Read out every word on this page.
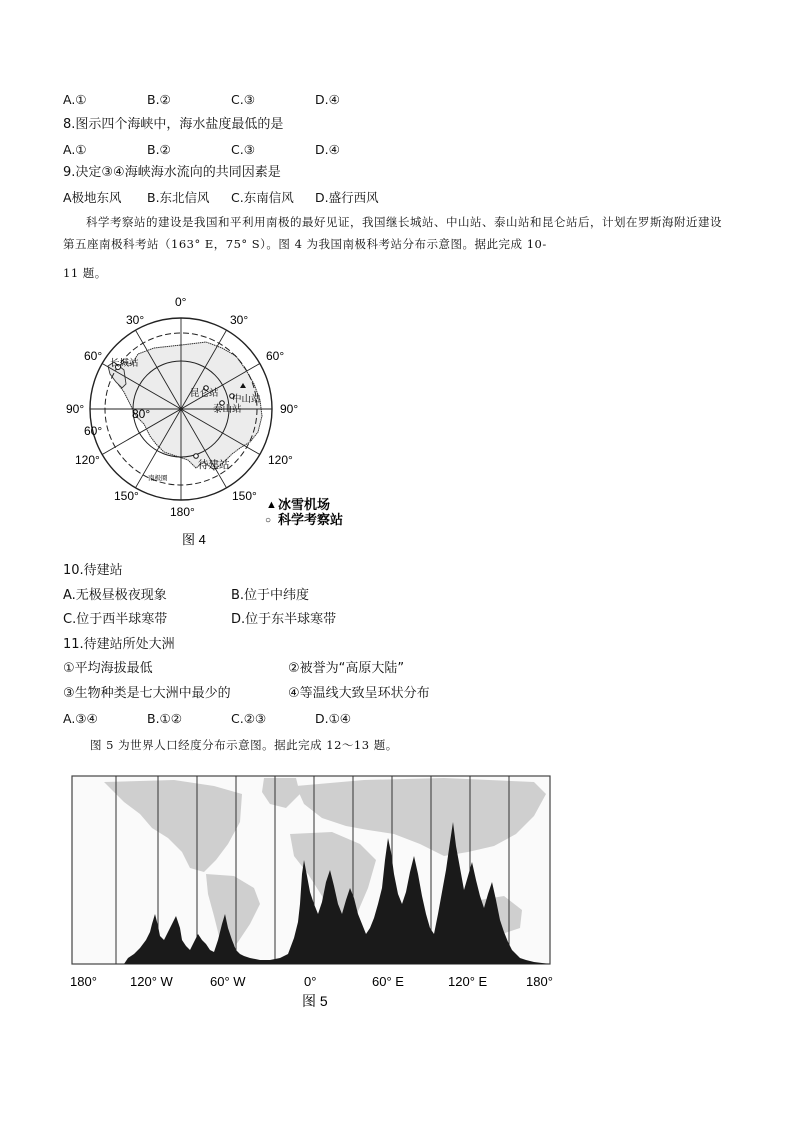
A.①	B.②	C.③	D.④
8.图示四个海峡中，海水盐度最低的是
A.①	B.②	C.③	D.④
9.决定③④海峡海水流向的共同因素是
A极地东风 B.东北信风 C.东南信风 D.盛行西风
科学考察站的建设是我国和平利用南极的最好见证，我国继长城站、中山站、泰山站和昆仑站后，计划在罗斯海附近建设第五座南极科考站（163° E，75° S）。图 4 为我国南极科考站分布示意图。据此完成 10-
11 题。
0°
30°
60°
90°
120°
150°
180°
150°
120°
90°
60°
30°
60°
80°
南极圈
长城站
昆仑站
中山站
泰山站
待建站
▲ 冰雪机场
○ 科学考察站
图 4
10.待建站
A.无极昼极夜现象	B.位于中纬度
C.位于西半球寒带	D.位于东半球寒带
11.待建站所处大洲
①平均海拔最低	②被誉为“高原大陆”
③生物种类是七大洲中最少的	④等温线大致呈环状分布
A.③④	B.①②	C.②③	D.①④
图 5 为世界人口经度分布示意图。据此完成 12～13 题。
180°	120° W	60° W	0°	60° E	120° E	180°
图 5
